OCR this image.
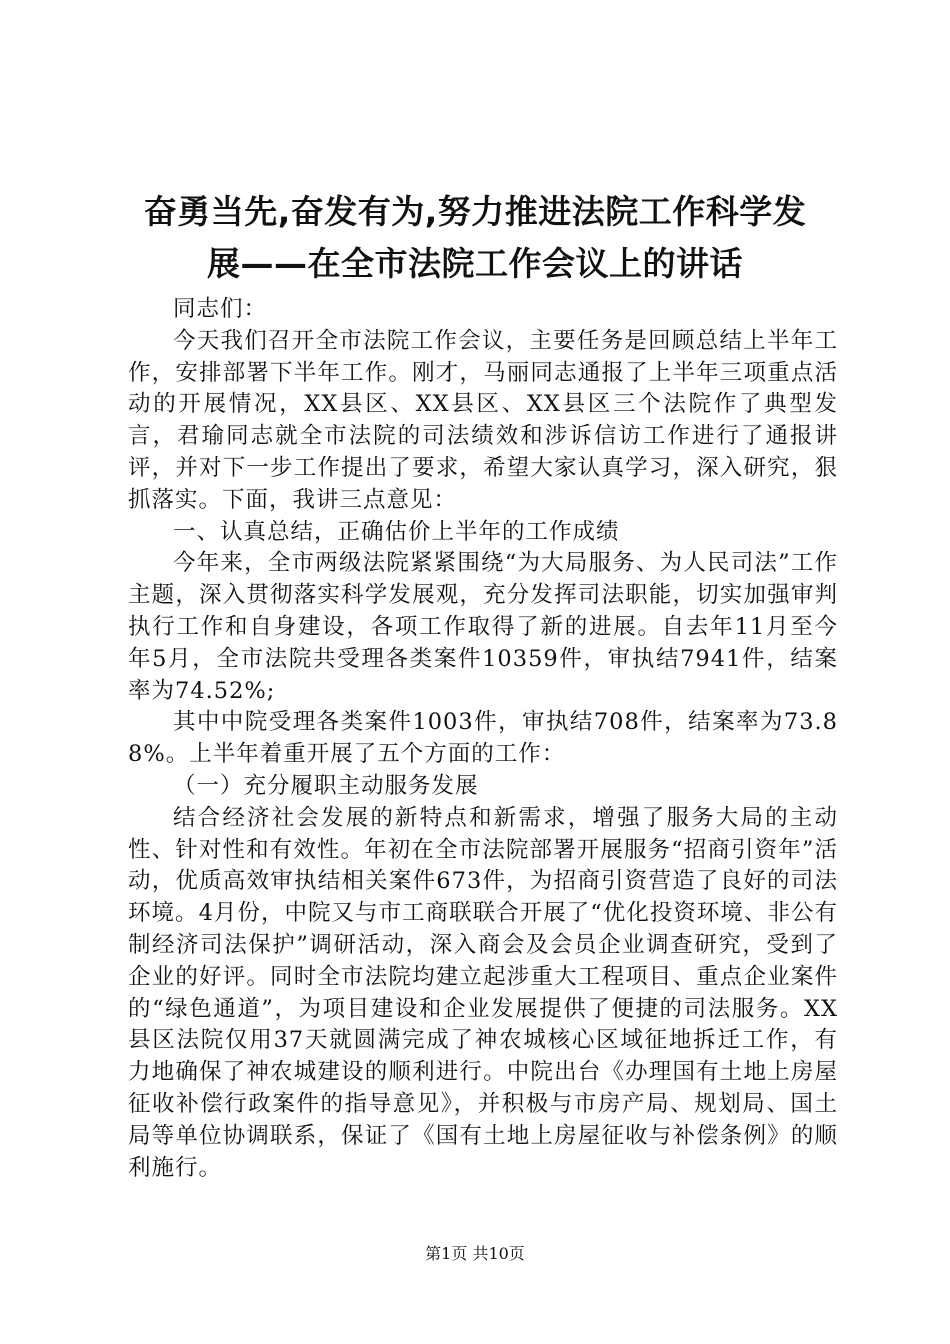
奋勇当先,奋发有为,努力推进法院工作科学发
展——在全市法院工作会议上的讲话

同志们：

今天我们召开全市法院工作会议，主要任务是回顾总结上半年工作，安排部署下半年工作。刚才，马丽同志通报了上半年三项重点活动的开展情况，XX县区、XX县区、XX县区三个法院作了典型发言，君瑜同志就全市法院的司法绩效和涉诉信访工作进行了通报讲评，并对下一步工作提出了要求，希望大家认真学习，深入研究，狠抓落实。下面，我讲三点意见：

一、认真总结，正确估价上半年的工作成绩

今年来，全市两级法院紧紧围绕“为大局服务、为人民司法”工作主题，深入贯彻落实科学发展观，充分发挥司法职能，切实加强审判执行工作和自身建设，各项工作取得了新的进展。自去年11月至今年5月，全市法院共受理各类案件10359件，审执结7941件，结案率为74.52%;

其中中院受理各类案件1003件，审执结708件，结案率为73.88%。上半年着重开展了五个方面的工作：

（一）充分履职主动服务发展

结合经济社会发展的新特点和新需求，增强了服务大局的主动性、针对性和有效性。年初在全市法院部署开展服务“招商引资年”活动，优质高效审执结相关案件673件，为招商引资营造了良好的司法环境。4月份，中院又与市工商联联合开展了“优化投资环境、非公有制经济司法保护”调研活动，深入商会及会员企业调查研究，受到了企业的好评。同时全市法院均建立起涉重大工程项目、重点企业案件的“绿色通道”，为项目建设和企业发展提供了便捷的司法服务。XX县区法院仅用37天就圆满完成了神农城核心区域征地拆迁工作，有力地确保了神农城建设的顺利进行。中院出台《办理国有土地上房屋征收补偿行政案件的指导意见》，并积极与市房产局、规划局、国土局等单位协调联系，保证了《国有土地上房屋征收与补偿条例》的顺利施行。

第1页 共10页
